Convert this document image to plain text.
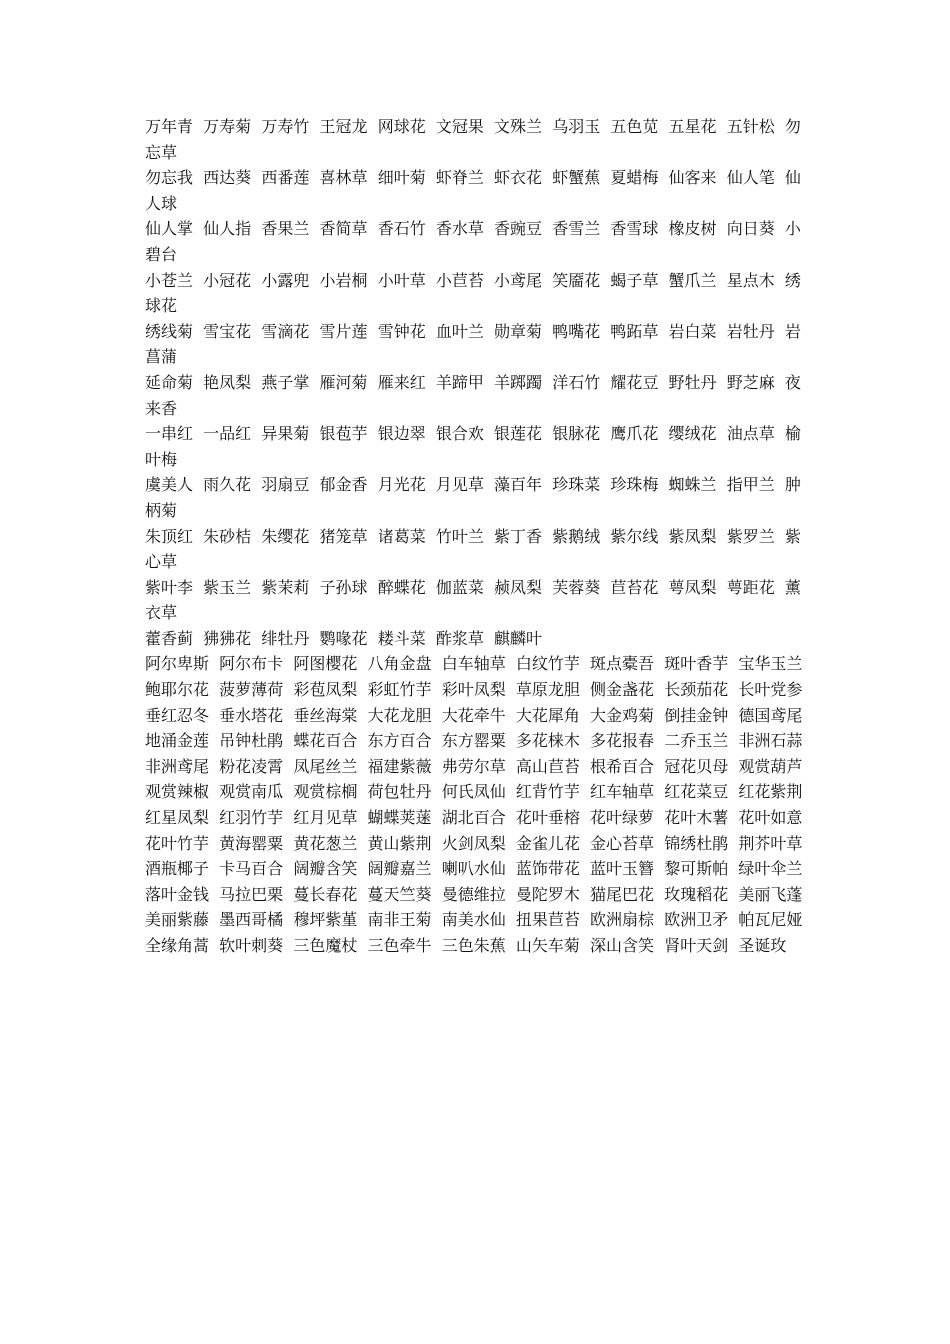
万年青  万寿菊  万寿竹  王冠龙  网球花  文冠果  文殊兰  乌羽玉  五色苋  五星花  五针松  勿忘草

勿忘我  西达葵  西番莲  喜林草  细叶菊  虾脊兰  虾衣花  虾蟹蕉  夏蜡梅  仙客来  仙人笔  仙人球

仙人掌  仙人指  香果兰  香简草  香石竹  香水草  香豌豆  香雪兰  香雪球  橡皮树  向日葵  小碧台

小苍兰  小冠花  小露兜  小岩桐  小叶草  小苣苔  小鸢尾  笑靥花  蝎子草  蟹爪兰  星点木  绣球花

绣线菊  雪宝花  雪滴花  雪片莲  雪钟花  血叶兰  勋章菊  鸭嘴花  鸭跖草  岩白菜  岩牡丹  岩菖蒲

延命菊  艳凤梨  燕子掌  雁河菊  雁来红  羊蹄甲  羊踯躅  洋石竹  耀花豆  野牡丹  野芝麻  夜来香

一串红  一品红  异果菊  银苞芋  银边翠  银合欢  银莲花  银脉花  鹰爪花  缨绒花  油点草  榆叶梅

虞美人  雨久花  羽扇豆  郁金香  月光花  月见草  藻百年  珍珠菜  珍珠梅  蜘蛛兰  指甲兰  肿柄菊

朱顶红  朱砂桔  朱缨花  猪笼草  诸葛菜  竹叶兰  紫丁香  紫鹅绒  紫尔线  紫凤梨  紫罗兰  紫心草

紫叶李  紫玉兰  紫茉莉  子孙球  醉蝶花  伽蓝菜  赪凤梨  芙蓉葵  苣苔花  萼凤梨  萼距花  薰衣草

藿香蓟  狒狒花  绯牡丹  鹦喙花  耧斗菜  酢浆草  麒麟叶

阿尔卑斯  阿尔布卡  阿图樱花  八角金盘  白车轴草  白纹竹芋  斑点橐吾  斑叶香芋  宝华玉兰

鲍耶尔花  菠萝薄荷  彩苞凤梨  彩虹竹芋  彩叶凤梨  草原龙胆  侧金盏花  长颈茄花  长叶党参

垂红忍冬  垂水塔花  垂丝海棠  大花龙胆  大花牵牛  大花犀角  大金鸡菊  倒挂金钟  德国鸢尾

地涌金莲  吊钟杜鹃  蝶花百合  东方百合  东方罂粟  多花梾木  多花报春  二乔玉兰  非洲石蒜

非洲鸢尾  粉花凌霄  凤尾丝兰  福建紫薇  弗劳尔草  高山苣苔  根希百合  冠花贝母  观赏葫芦

观赏辣椒  观赏南瓜  观赏棕榈  荷包牡丹  何氏凤仙  红背竹芋  红车轴草  红花菜豆  红花紫荆

红星凤梨  红羽竹芋  红月见草  蝴蝶荚蒾  湖北百合  花叶垂榕  花叶绿萝  花叶木薯  花叶如意

花叶竹芋  黄海罂粟  黄花葱兰  黄山紫荆  火剑凤梨  金雀儿花  金心苔草  锦绣杜鹃  荆芥叶草

酒瓶椰子  卡马百合  阔瓣含笑  阔瓣嘉兰  喇叭水仙  蓝饰带花  蓝叶玉簪  黎可斯帕  绿叶伞兰

落叶金钱  马拉巴栗  蔓长春花  蔓天竺葵  曼德维拉  曼陀罗木  猫尾巴花  玫瑰稻花  美丽飞蓬

美丽紫藤  墨西哥橘  穆坪紫堇  南非王菊  南美水仙  扭果苣苔  欧洲扇棕  欧洲卫矛  帕瓦尼娅

全缘角蒿  软叶刺葵  三色魔杖  三色牵牛  三色朱蕉  山矢车菊  深山含笑  肾叶天剑  圣诞玫
